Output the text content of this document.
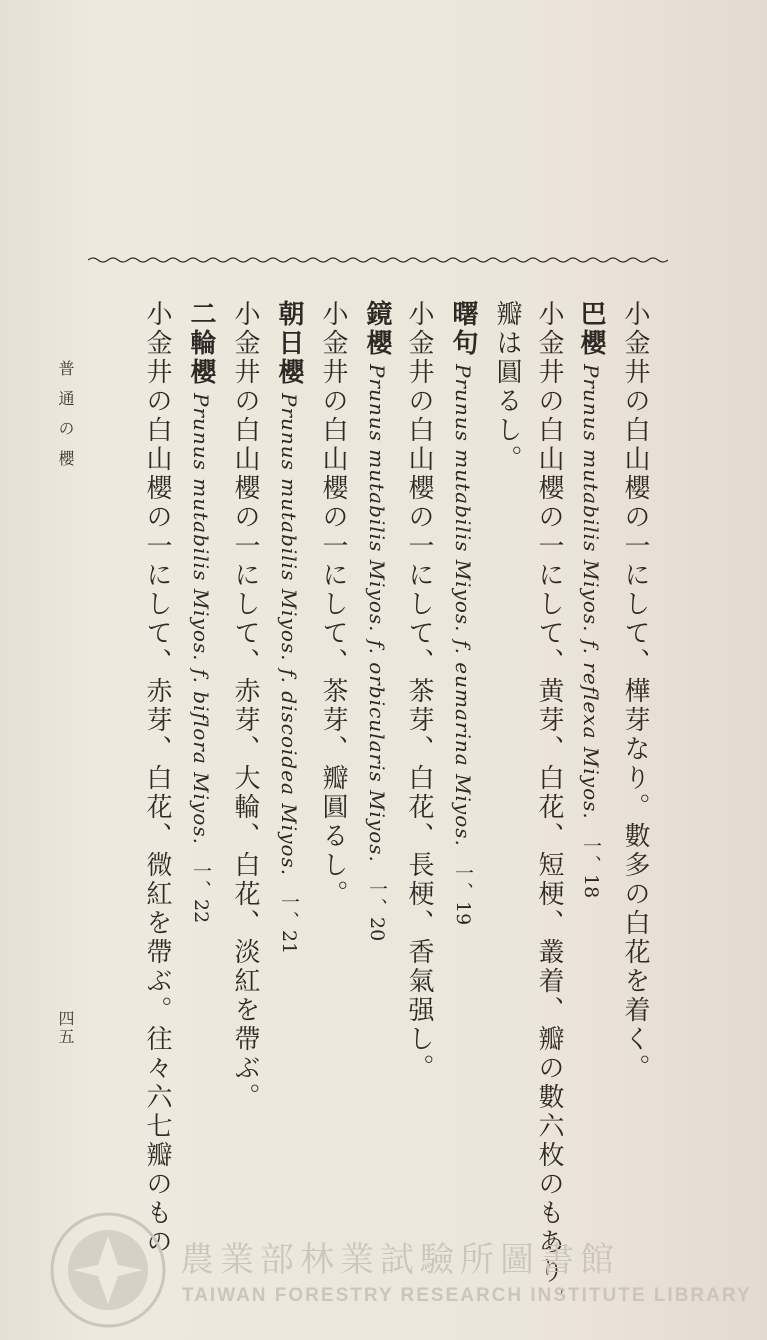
小金井の白山櫻の一にして、樺芽なり。數多の白花を着く。
巴櫻Prunus mutabilis Miyos. f. reflexa Miyos.一、18
小金井の白山櫻の一にして、黄芽、白花、短梗、叢着、瓣の數六枚のもあり。
瓣は圓るし。
曙句Prunus mutabilis Miyos. f. eumarina Miyos.一、19
小金井の白山櫻の一にして、茶芽、白花、長梗、香氣强し。
鏡櫻Prunus mutabilis Miyos. f. orbicularis Miyos.一、20
小金井の白山櫻の一にして、茶芽、瓣圓るし。
朝日櫻Prunus mutabilis Miyos. f. discoidea Miyos.一、21
小金井の白山櫻の一にして、赤芽、大輪、白花、淡紅を帶ぶ。
二輪櫻Prunus mutabilis Miyos. f. biflora Miyos.一、22
小金井の白山櫻の一にして、赤芽、白花、微紅を帶ぶ。往々六七瓣のもの
普通の櫻
四五
農業部林業試驗所圖書館
TAIWAN FORESTRY RESEARCH INSTITUTE LIBRARY
